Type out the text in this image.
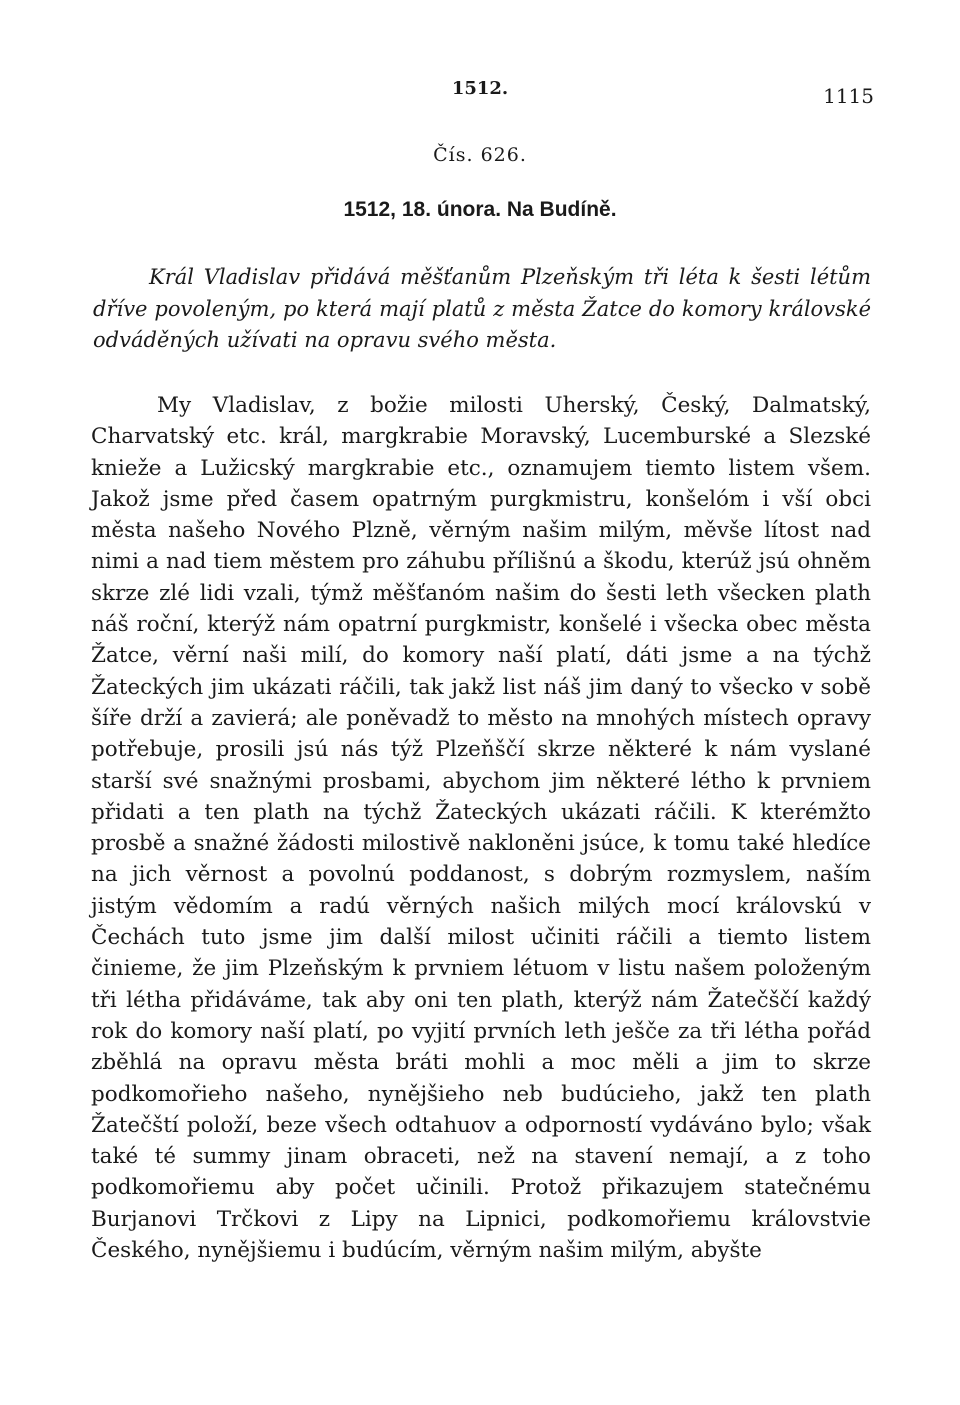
1512.	1115
Čís. 626.
1512, 18. února. Na Budíně.

Král Vladislav přidává měšťanům Plzeňským tři léta k šesti létům dříve povoleným, po která mají platů z města Žatce do komory královské odváděných užívati na opravu svého města.

My Vladislav, z božie milosti Uherský, Český, Dalmatský, Charvatský etc. král, margkrabie Moravský, Lucemburské a Slezské knieže a Lužicský margkrabie etc., oznamujem tiemto listem všem. Jakož jsme před časem opatrným purgkmistru, konšelóm i vší obci města našeho Nového Plzně, věrným našim milým, měvše lítost nad nimi a nad tiem městem pro záhubu přílišnú a škodu, kterúž jsú ohněm skrze zlé lidi vzali, týmž měšťanóm našim do šesti leth všecken plath náš roční, kterýž nám opatrní purgkmistr, konšelé i všecka obec města Žatce, věrní naši milí, do komory naší platí, dáti jsme a na týchž Žateckých jim ukázati ráčili, tak jakž list náš jim daný to všecko v sobě šíře drží a zavierá; ale poněvadž to město na mnohých místech opravy potřebuje, prosili jsú nás týž Plzeňščí skrze některé k nám vyslané starší své snažnými prosbami, abychom jim některé létho k prvniem přidati a ten plath na týchž Žateckých ukázati ráčili. K kterémžto prosbě a snažné žádosti milostivě nakloněni jsúce, k tomu také hledíce na jich věrnost a povolnú poddanost, s dobrým rozmyslem, naším jistým vědomím a radú věrných našich milých mocí královskú v Čechách tuto jsme jim další milost učiniti ráčili a tiemto listem činieme, že jim Plzeňským k prvniem létuom v listu našem položeným tři létha přidáváme, tak aby oni ten plath, kterýž nám Žatečščí každý rok do komory naší platí, po vyjití prvních leth ješče za tři létha pořád zběhlá na opravu města bráti mohli a moc měli a jim to skrze podkomořieho našeho, nynějšieho neb budúcieho, jakž ten plath Žatečští položí, beze všech odtahuov a odporností vydáváno bylo; však také té summy jinam obraceti, než na stavení nemají, a z toho podkomořiemu aby počet učinili. Protož přikazujem statečnému Burjanovi Trčkovi z Lipy na Lipnici, podkomořiemu královstvie Českého, nynějšiemu i budúcím, věrným našim milým, abyšte
